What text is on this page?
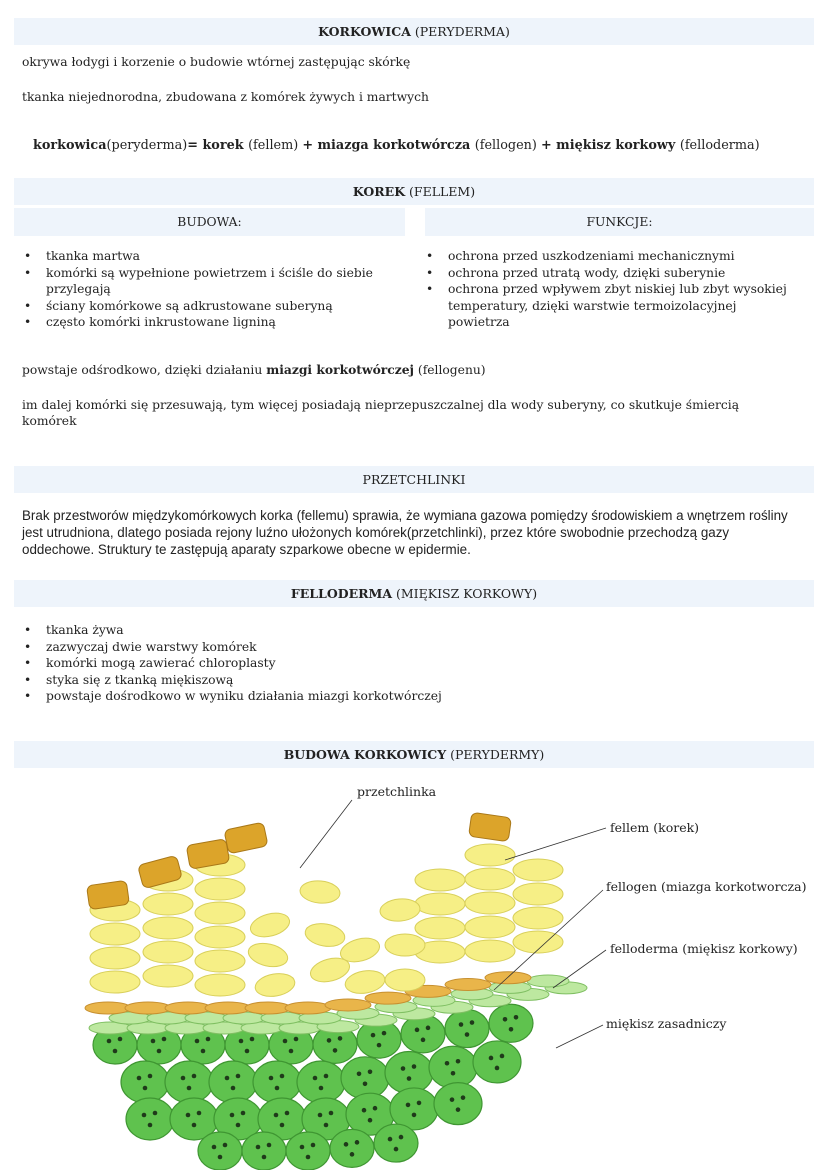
KORKOWICA (PERYDERMA)
okrywa łodygi i korzenie o budowie wtórnej zastępując skórkę
tkanka niejednorodna, zbudowana z komórek żywych i martwych
korkowica(peryderma)= korek (fellem) + miazga korkotwórcza (fellogen) + miękisz korkowy (felloderma)
KOREK (FELLEM)
BUDOWA:	FUNKCJE:
• tkanka martwa
• komórki są wypełnione powietrzem i ściśle do siebie przylegają
• ściany komórkowe są adkrustowane suberyną
• często komórki inkrustowane ligniną
• ochrona przed uszkodzeniami mechanicznymi
• ochrona przed utratą wody, dzięki suberynie
• ochrona przed wpływem zbyt niskiej lub zbyt wysokiej temperatury, dzięki warstwie termoizolacyjnej powietrza
powstaje odśrodkowo, dzięki działaniu miazgi korkotwórczej (fellogenu)
im dalej komórki się przesuwają, tym więcej posiadają nieprzepuszczalnej dla wody suberyny, co skutkuje śmiercią komórek
PRZETCHLINKI
Brak przestworów międzykomórkowych korka (fellemu) sprawia, że wymiana gazowa pomiędzy środowiskiem a wnętrzem rośliny jest utrudniona, dlatego posiada rejony luźno ułożonych komórek(przetchlinki), przez które swobodnie przechodzą gazy oddechowe. Struktury te zastępują aparaty szparkowe obecne w epidermie.
FELLODERMA (MIĘKISZ KORKOWY)
• tkanka żywa
• zazwyczaj dwie warstwy komórek
• komórki mogą zawierać chloroplasty
• styka się z tkanką miękiszową
• powstaje dośrodkowo w wyniku działania miazgi korkotwórczej
BUDOWA KORKOWICY (PERYDERMY)
przetchlinka
fellem (korek)
fellogen (miazga korkotworcza)
felloderma (miękisz korkowy)
miękisz zasadniczy
